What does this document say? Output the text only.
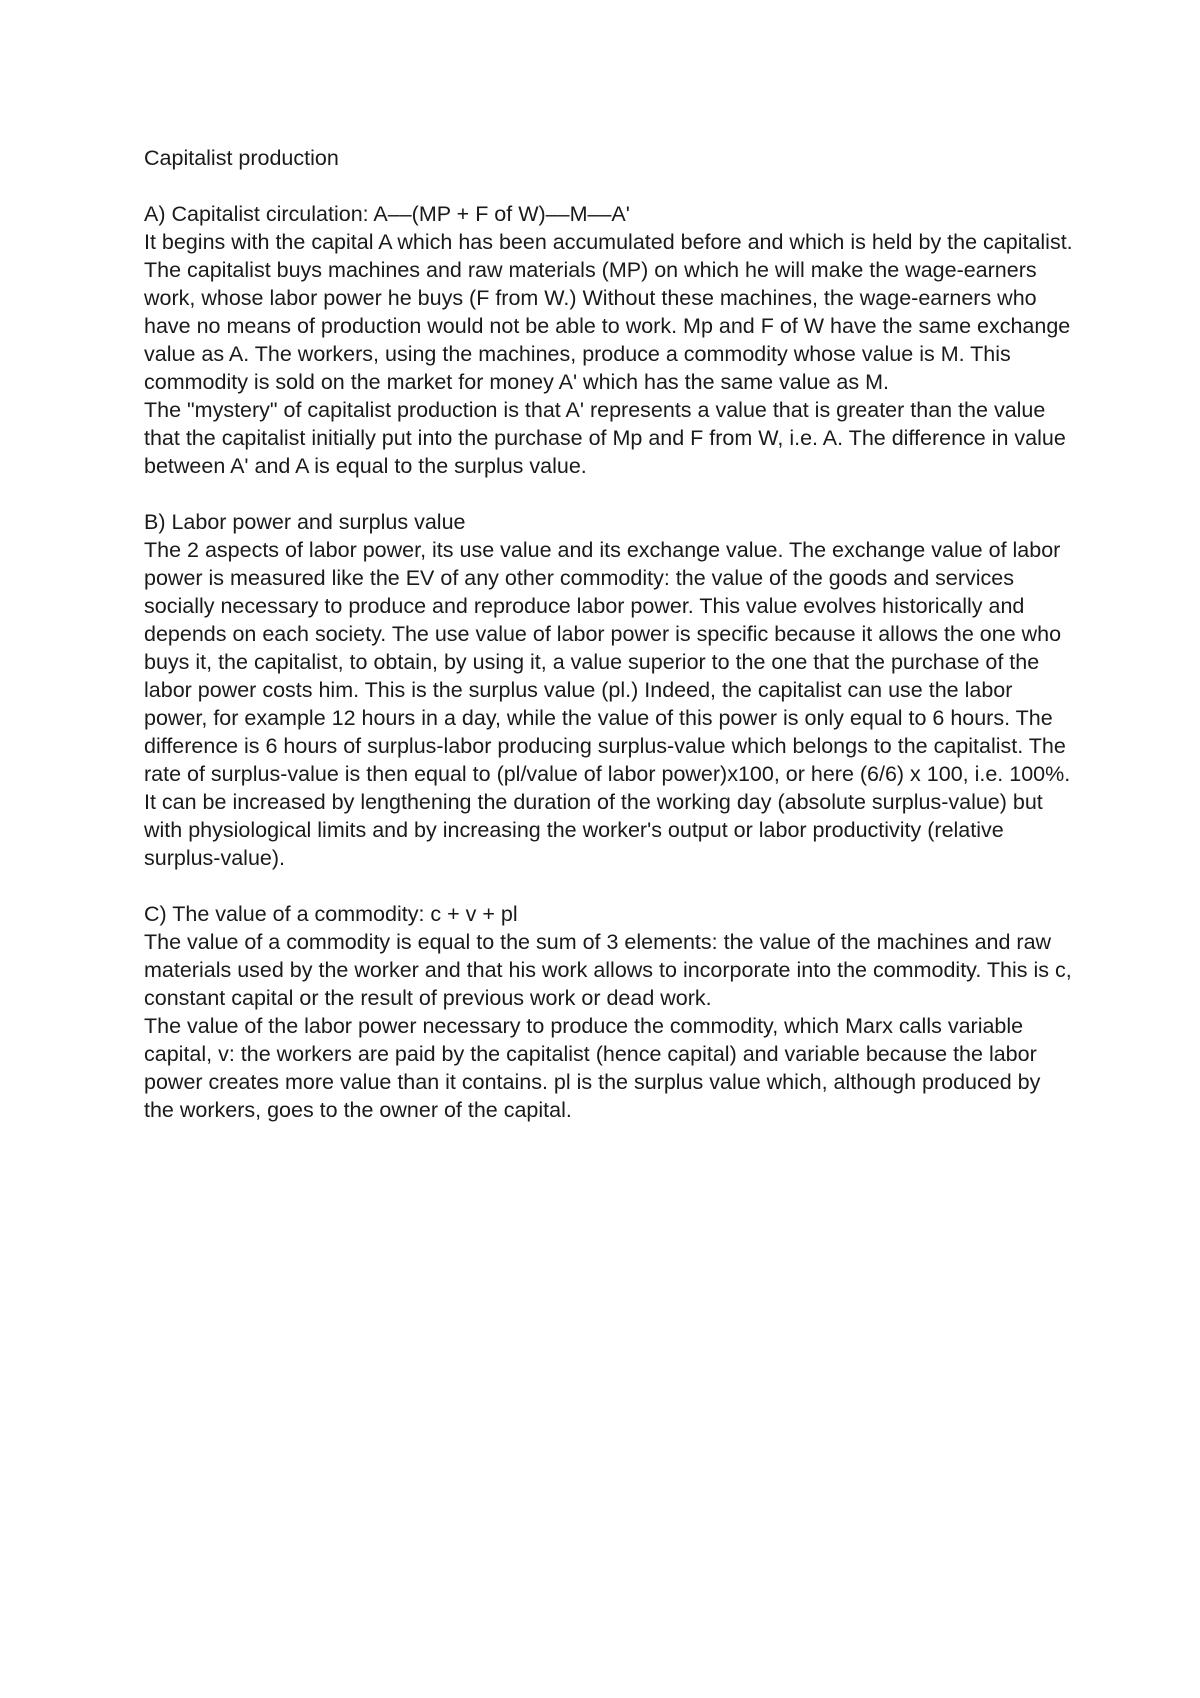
Capitalist production
A) Capitalist circulation: A––(MP + F of W)––M––A'
It begins with the capital A which has been accumulated before and which is held by the capitalist. The capitalist buys machines and raw materials (MP) on which he will make the wage-earners work, whose labor power he buys (F from W.) Without these machines, the wage-earners who have no means of production would not be able to work. Mp and F of W have the same exchange value as A. The workers, using the machines, produce a commodity whose value is M. This commodity is sold on the market for money A' which has the same value as M.
The "mystery" of capitalist production is that A' represents a value that is greater than the value that the capitalist initially put into the purchase of Mp and F from W, i.e. A. The difference in value between A' and A is equal to the surplus value.
B) Labor power and surplus value
The 2 aspects of labor power, its use value and its exchange value. The exchange value of labor power is measured like the EV of any other commodity: the value of the goods and services socially necessary to produce and reproduce labor power. This value evolves historically and depends on each society. The use value of labor power is specific because it allows the one who buys it, the capitalist, to obtain, by using it, a value superior to the one that the purchase of the labor power costs him. This is the surplus value (pl.) Indeed, the capitalist can use the labor power, for example 12 hours in a day, while the value of this power is only equal to 6 hours. The difference is 6 hours of surplus-labor producing surplus-value which belongs to the capitalist. The rate of surplus-value is then equal to (pl/value of labor power)x100, or here (6/6) x 100, i.e. 100%. It can be increased by lengthening the duration of the working day (absolute surplus-value) but with physiological limits and by increasing the worker's output or labor productivity (relative surplus-value).
C) The value of a commodity: c + v + pl
The value of a commodity is equal to the sum of 3 elements: the value of the machines and raw materials used by the worker and that his work allows to incorporate into the commodity. This is c, constant capital or the result of previous work or dead work.
The value of the labor power necessary to produce the commodity, which Marx calls variable capital, v: the workers are paid by the capitalist (hence capital) and variable because the labor power creates more value than it contains. pl is the surplus value which, although produced by the workers, goes to the owner of the capital.
